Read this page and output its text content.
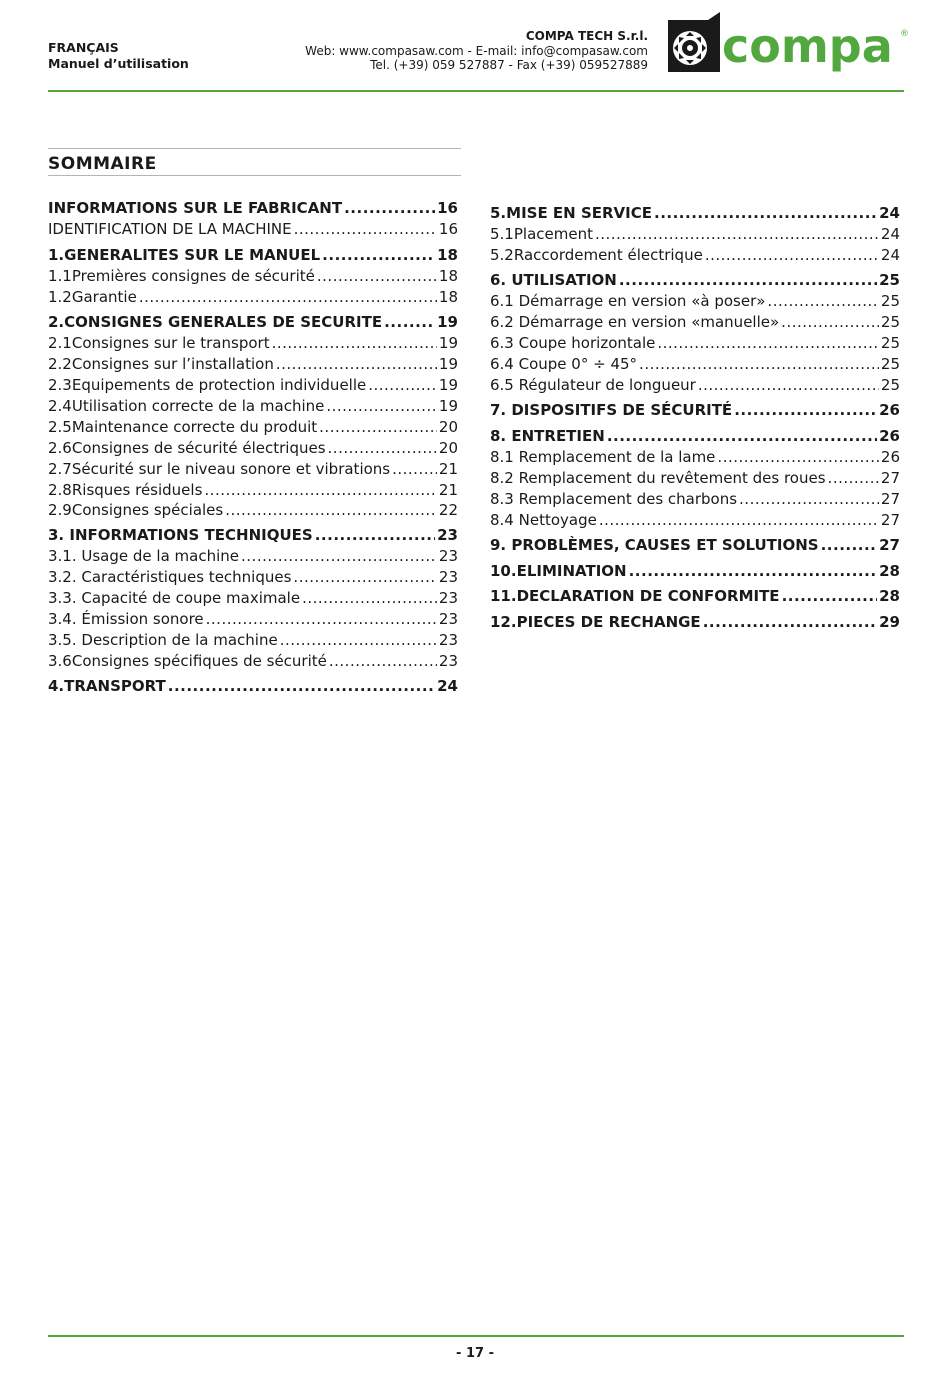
FRANÇAIS
Manuel d’utilisation
COMPA TECH S.r.l.
Web: www.compasaw.com - E-mail: info@compasaw.com
Tel. (+39) 059 527887 - Fax (+39) 059527889 compa ®
SOMMAIRE
INFORMATIONS SUR LE FABRICANT .....	16
IDENTIFICATION DE LA MACHINE .....	16
1. GENERALITES SUR LE MANUEL .....	18
1.1 Premières consignes de sécurité .....	18
1.2 Garantie .....	18
2. CONSIGNES GENERALES DE SECURITE .....	19
2.1 Consignes sur le transport .....	19
2.2 Consignes sur l’installation .....	19
2.3 Equipements de protection individuelle .....	19
2.4 Utilisation correcte de la machine .....	19
2.5 Maintenance correcte du produit .....	20
2.6 Consignes de sécurité électriques .....	20
2.7 Sécurité sur le niveau sonore et vibrations .....	21
2.8 Risques résiduels .....	21
2.9 Consignes spéciales .....	22
3. INFORMATIONS TECHNIQUES .....	23
3.1. Usage de la machine .....	23
3.2. Caractéristiques techniques .....	23
3.3. Capacité de coupe maximale .....	23
3.4. Émission sonore .....	23
3.5. Description de la machine .....	23
3.6 Consignes spécifiques de sécurité .....	23
4. TRANSPORT .....	24
5. MISE EN SERVICE .....	24
5.1 Placement .....	24
5.2 Raccordement électrique .....	24
6. UTILISATION .....	25
6.1 Démarrage en version «à poser» .....	25
6.2 Démarrage en version «manuelle» .....	25
6.3 Coupe horizontale .....	25
6.4 Coupe 0° ÷ 45° .....	25
6.5 Régulateur de longueur .....	25
7. DISPOSITIFS DE SÉCURITÉ .....	26
8. ENTRETIEN .....	26
8.1 Remplacement de la lame .....	26
8.2 Remplacement du revêtement des roues .....	27
8.3 Remplacement des charbons .....	27
8.4 Nettoyage .....	27
9. PROBLÈMES, CAUSES ET SOLUTIONS .....	27
10. ELIMINATION .....	28
11. DECLARATION DE CONFORMITE .....	28
12. PIECES DE RECHANGE .....	29
- 17 -
